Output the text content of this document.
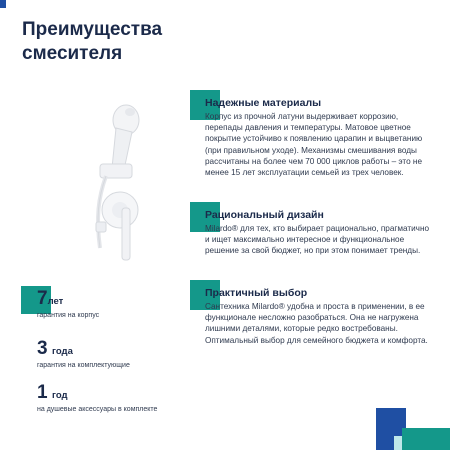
Преимущества
смесителя
Надежные материалы

Корпус из прочной латуни выдерживает коррозию, перепады давления и температуры. Матовое цветное покрытие устойчиво к появлению царапин и выцветанию (при правильном уходе). Механизмы смешивания воды рассчитаны на более чем 70 000 циклов работы – это не менее 15 лет эксплуатации семьей из трех человек.

Рациональный дизайн

Milardo® для тех, кто выбирает рационально, прагматично и ищет максимально интересное и функциональное решение за свой бюджет, но при этом понимает тренды.

Практичный выбор

Сантехника Milardo® удобна и проста в применении, в ее функционале несложно разобраться. Она не нагружена лишними деталями, которые редко востребованы. Оптимальный выбор для семейного бюджета и комфорта.

7лет
гарантия на корпус
3 года
гарантия на комплектующие
1 год
на душевые аксессуары в комплекте
